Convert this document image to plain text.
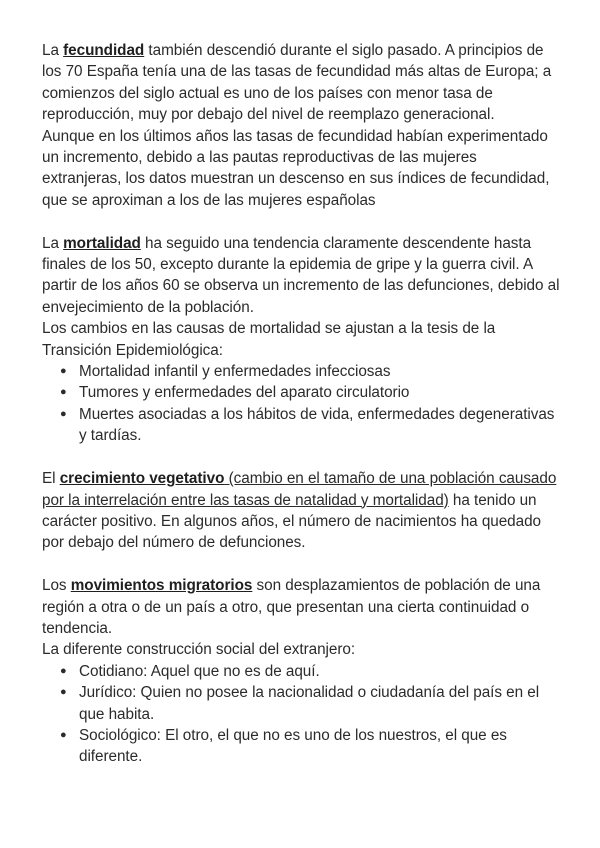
La fecundidad también descendió durante el siglo pasado. A principios de los 70 España tenía una de las tasas de fecundidad más altas de Europa; a comienzos del siglo actual es uno de los países con menor tasa de reproducción, muy por debajo del nivel de reemplazo generacional.

Aunque en los últimos años las tasas de fecundidad habían experimentado un incremento, debido a las pautas reproductivas de las mujeres extranjeras, los datos muestran un descenso en sus índices de fecundidad, que se aproximan a los de las mujeres españolas

La mortalidad ha seguido una tendencia claramente descendente hasta finales de los 50, excepto durante la epidemia de gripe y la guerra civil. A partir de los años 60 se observa un incremento de las defunciones, debido al envejecimiento de la población.

Los cambios en las causas de mortalidad se ajustan a la tesis de la Transición Epidemiológica:

● Mortalidad infantil y enfermedades infecciosas
● Tumores y enfermedades del aparato circulatorio
● Muertes asociadas a los hábitos de vida, enfermedades degenerativas y tardías.

El crecimiento vegetativo (cambio en el tamaño de una población causado por la interrelación entre las tasas de natalidad y mortalidad) ha tenido un carácter positivo. En algunos años, el número de nacimientos ha quedado por debajo del número de defunciones.

Los movimientos migratorios son desplazamientos de población de una región a otra o de un país a otro, que presentan una cierta continuidad o tendencia.

La diferente construcción social del extranjero:

● Cotidiano: Aquel que no es de aquí.
● Jurídico: Quien no posee la nacionalidad o ciudadanía del país en el que habita.
● Sociológico: El otro, el que no es uno de los nuestros, el que es diferente.
